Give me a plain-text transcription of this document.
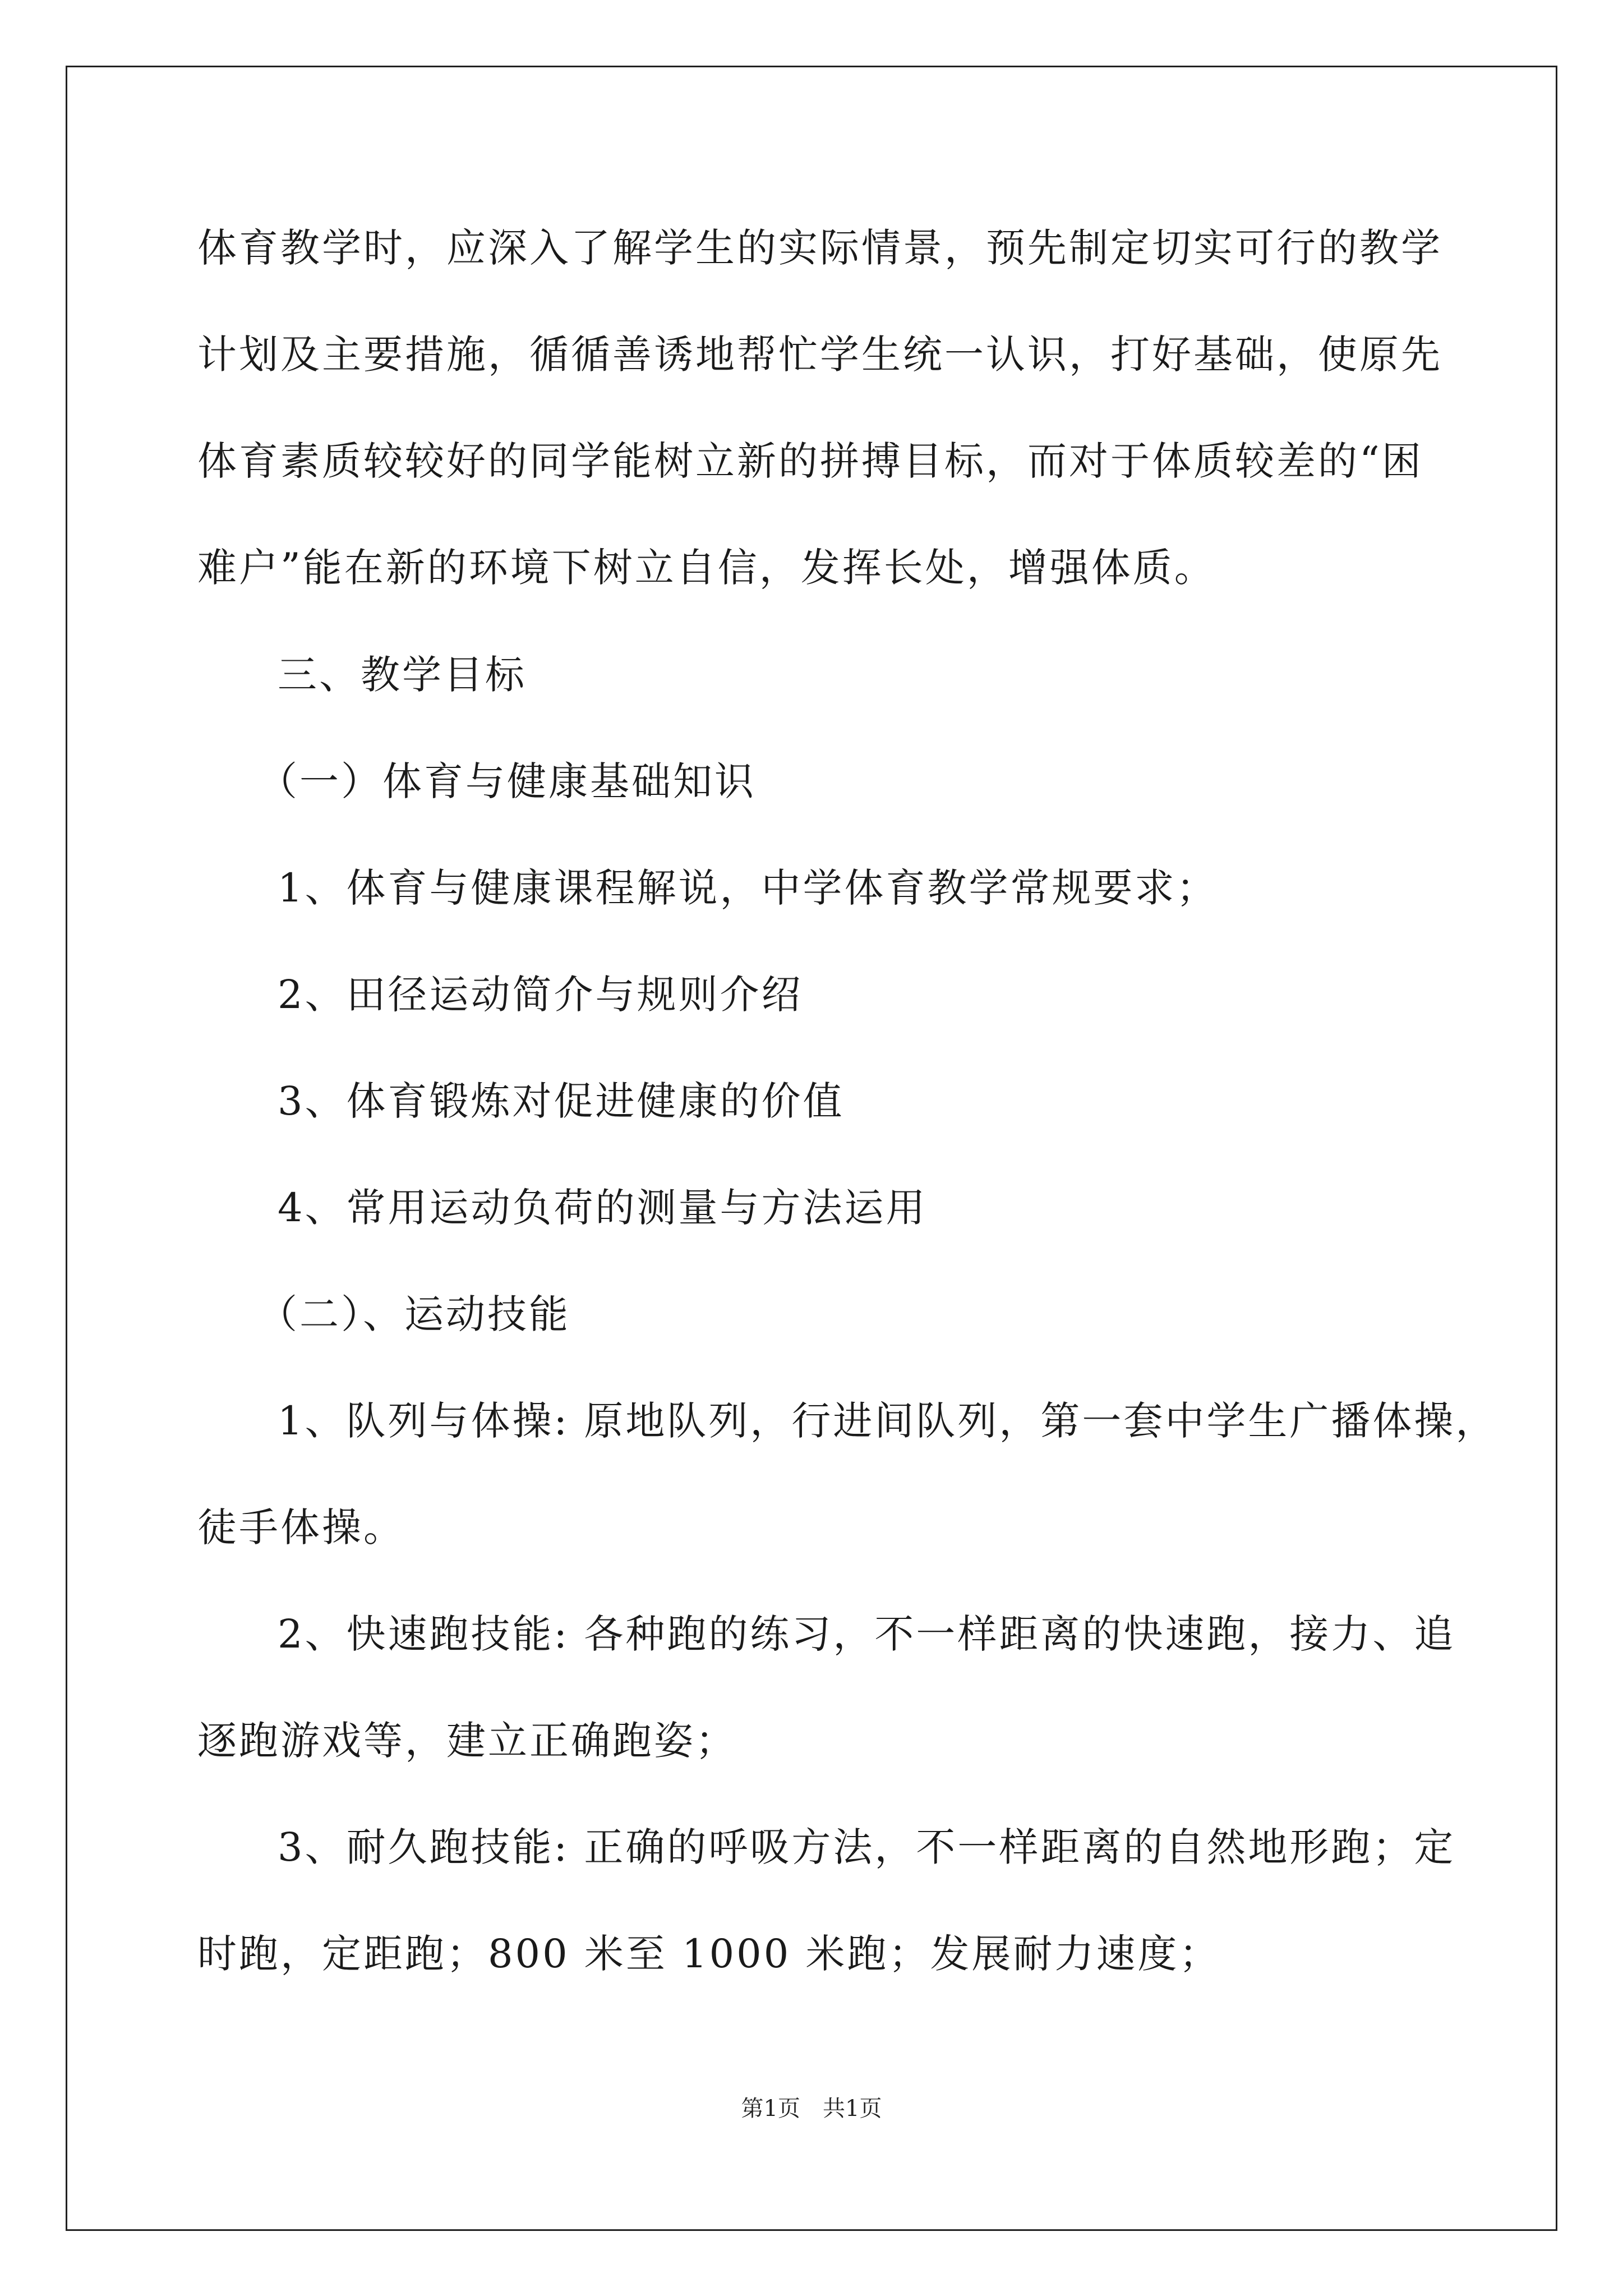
体育教学时，应深入了解学生的实际情景，预先制定切实可行的教学
计划及主要措施，循循善诱地帮忙学生统一认识，打好基础，使原先
体育素质较较好的同学能树立新的拼搏目标，而对于体质较差的“困
难户”能在新的环境下树立自信，发挥长处，增强体质。
三、教学目标
（一）体育与健康基础知识
1、体育与健康课程解说，中学体育教学常规要求；
2、田径运动简介与规则介绍
3、体育锻炼对促进健康的价值
4、常用运动负荷的测量与方法运用
（二）、运动技能
1、队列与体操: 原地队列，行进间队列，第一套中学生广播体操，
徒手体操。
2、快速跑技能: 各种跑的练习，不一样距离的快速跑，接力、追
逐跑游戏等，建立正确跑姿；
3、耐久跑技能: 正确的呼吸方法，不一样距离的自然地形跑；定
时跑，定距跑；800 米至 1000 米跑；发展耐力速度；
第1页　共1页
